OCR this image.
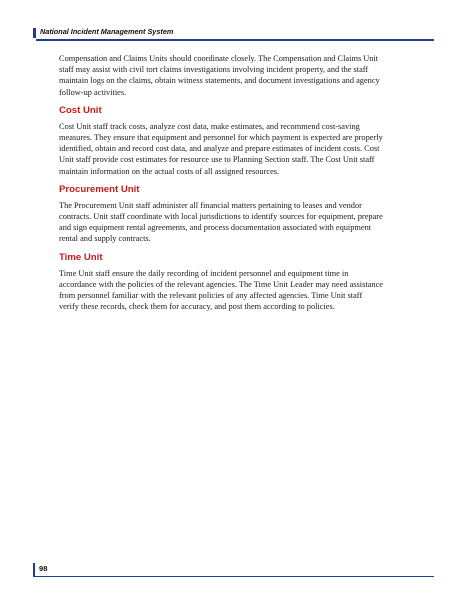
National Incident Management System

Compensation and Claims Units should coordinate closely. The Compensation and Claims Unit
staff may assist with civil tort claims investigations involving incident property, and the staff
maintain logs on the claims, obtain witness statements, and document investigations and agency
follow-up activities.

Cost Unit

Cost Unit staff track costs, analyze cost data, make estimates, and recommend cost-saving
measures. They ensure that equipment and personnel for which payment is expected are properly
identified, obtain and record cost data, and analyze and prepare estimates of incident costs. Cost
Unit staff provide cost estimates for resource use to Planning Section staff. The Cost Unit staff
maintain information on the actual costs of all assigned resources.

Procurement Unit

The Procurement Unit staff administer all financial matters pertaining to leases and vendor
contracts. Unit staff coordinate with local jurisdictions to identify sources for equipment, prepare
and sign equipment rental agreements, and process documentation associated with equipment
rental and supply contracts.

Time Unit

Time Unit staff ensure the daily recording of incident personnel and equipment time in
accordance with the policies of the relevant agencies. The Time Unit Leader may need assistance
from personnel familiar with the relevant policies of any affected agencies. Time Unit staff
verify these records, check them for accuracy, and post them according to policies.

98
